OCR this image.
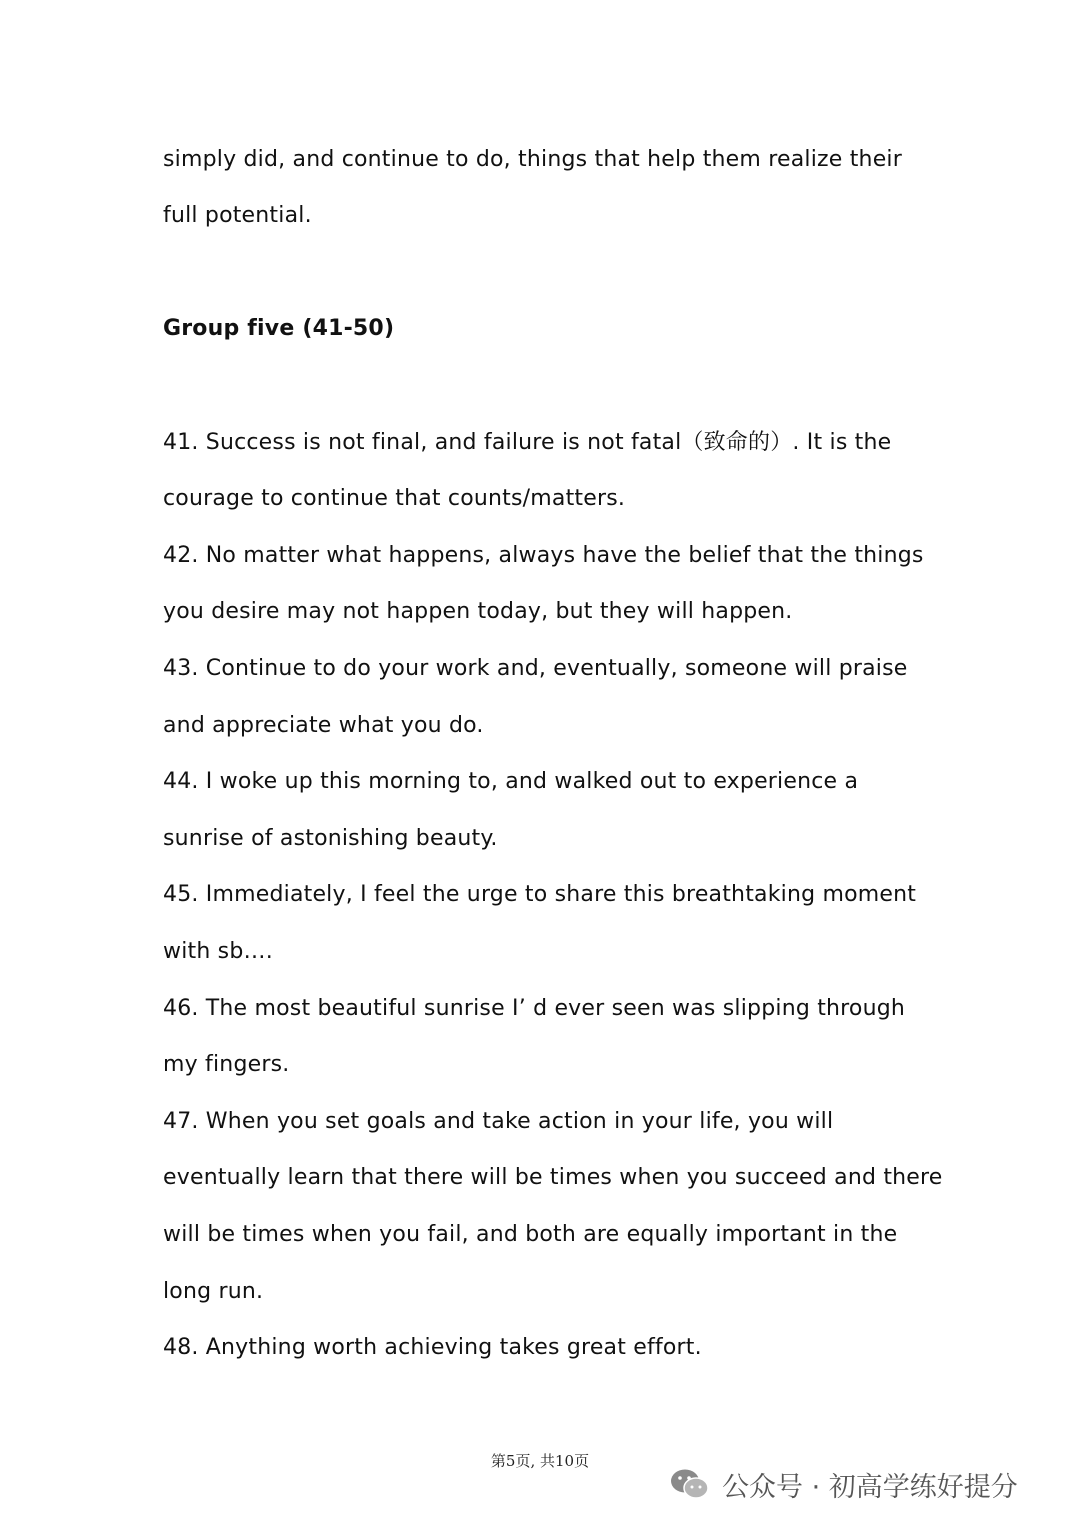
simply did, and continue to do, things that help them realize their
full potential.
Group five (41-50)
41. Success is not final, and failure is not fatal（致命的）. It is the
courage to continue that counts/matters.
42. No matter what happens, always have the belief that the things
you desire may not happen today, but they will happen.
43. Continue to do your work and, eventually, someone will praise
and appreciate what you do.
44. I woke up this morning to, and walked out to experience a
sunrise of astonishing beauty.
45. Immediately, I feel the urge to share this breathtaking moment
with sb….
46. The most beautiful sunrise I’ d ever seen was slipping through
my fingers.
47. When you set goals and take action in your life, you will
eventually learn that there will be times when you succeed and there
will be times when you fail, and both are equally important in the
long run.
48. Anything worth achieving takes great effort.
第5页, 共10页
公众号 · 初高学练好提分
